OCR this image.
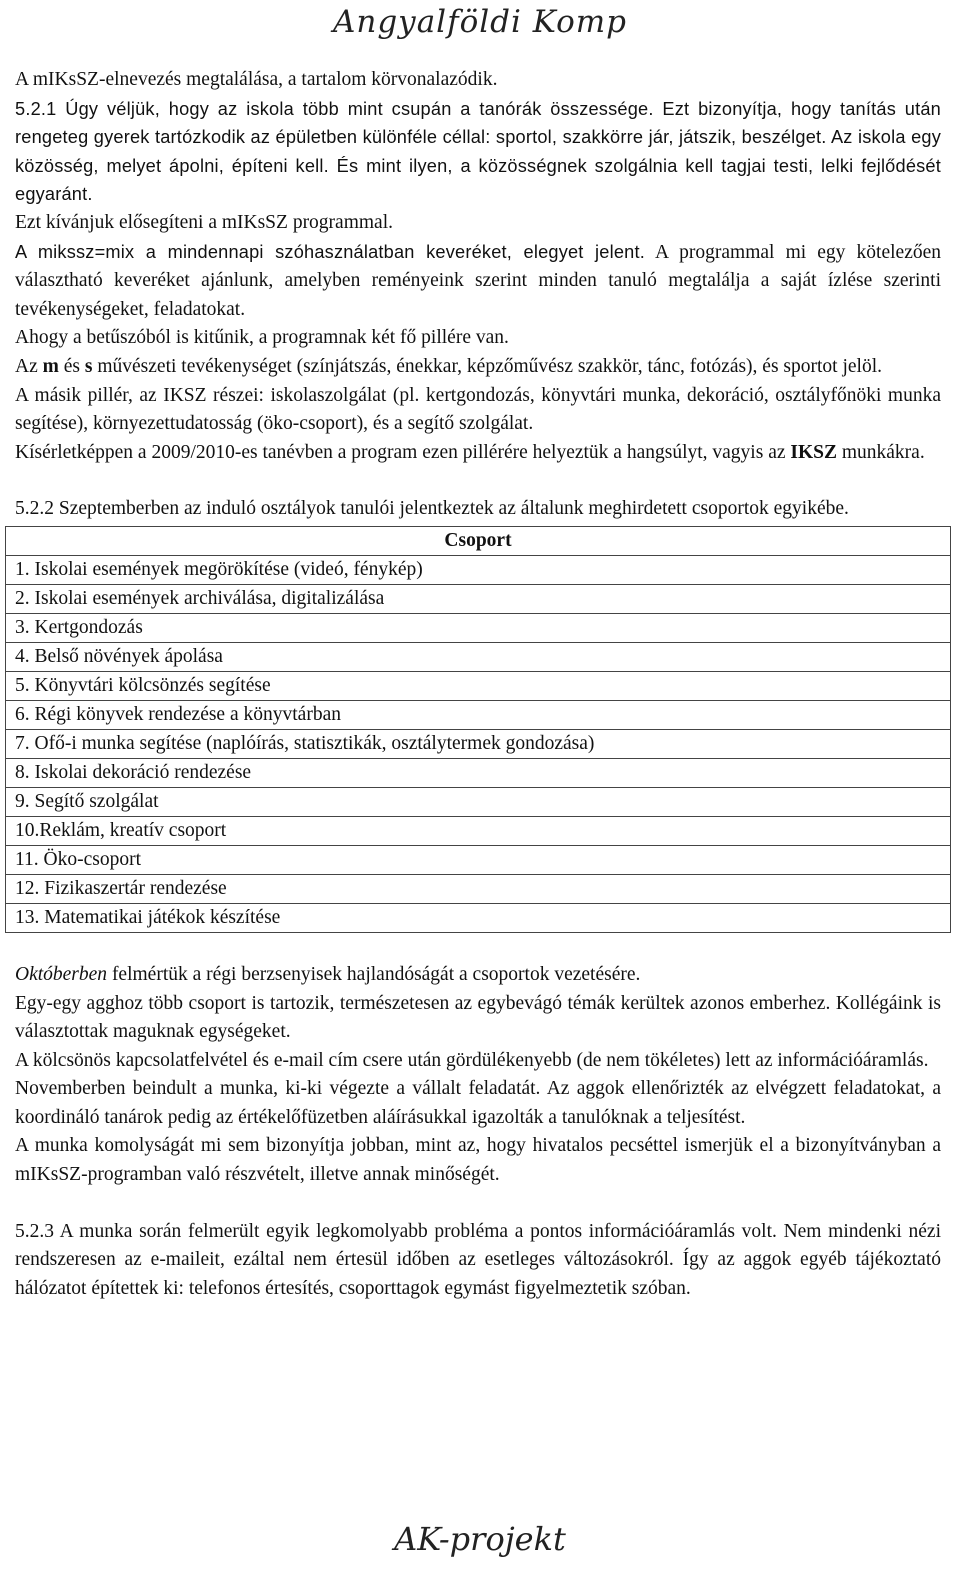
Angyalföldi Komp

A mIKsSZ-elnevezés megtalálása, a tartalom körvonalazódik.

5.2.1 Úgy véljük, hogy az iskola több mint csupán a tanórák összessége. Ezt bizonyítja, hogy tanítás után rengeteg gyerek tartózkodik az épületben különféle céllal: sportol, szakkörre jár, játszik, beszélget. Az iskola egy közösség, melyet ápolni, építeni kell. És mint ilyen, a közösségnek szolgálnia kell tagjai testi, lelki fejlődését egyaránt.

Ezt kívánjuk elősegíteni a mIKsSZ programmal.

A mikssz=mix a mindennapi szóhasználatban keveréket, elegyet jelent. A programmal mi egy kötelezően választható keveréket ajánlunk, amelyben reményeink szerint minden tanuló megtalálja a saját ízlése szerinti tevékenységeket, feladatokat.

Ahogy a betűszóból is kitűnik, a programnak két fő pillére van.

Az m és s művészeti tevékenységet (színjátszás, énekkar, képzőművész szakkör, tánc, fotózás), és sportot jelöl.

A másik pillér, az IKSZ részei: iskolaszolgálat (pl. kertgondozás, könyvtári munka, dekoráció, osztályfőnöki munka segítése), környezettudatosság (öko-csoport), és a segítő szolgálat.

Kísérletképpen a 2009/2010-es tanévben a program ezen pillérére helyeztük a hangsúlyt, vagyis az IKSZ munkákra.

5.2.2 Szeptemberben az induló osztályok tanulói jelentkeztek az általunk meghirdetett csoportok egyikébe.

Csoport
1. Iskolai események megörökítése (videó, fénykép)
2. Iskolai események archiválása, digitalizálása
3. Kertgondozás
4. Belső növények ápolása
5. Könyvtári kölcsönzés segítése
6. Régi könyvek rendezése a könyvtárban
7. Ofő-i munka segítése (naplóírás, statisztikák, osztálytermek gondozása)
8. Iskolai dekoráció rendezése
9. Segítő szolgálat
10.Reklám, kreatív csoport
11. Öko-csoport
12. Fizikaszertár rendezése
13. Matematikai játékok készítése

Októberben felmértük a régi berzsenyisek hajlandóságát a csoportok vezetésére.

Egy-egy agghoz több csoport is tartozik, természetesen az egybevágó témák kerültek azonos emberhez. Kollégáink is választottak maguknak egységeket.

A kölcsönös kapcsolatfelvétel és e-mail cím csere után gördülékenyebb (de nem tökéletes) lett az információáramlás.

Novemberben beindult a munka, ki-ki végezte a vállalt feladatát. Az aggok ellenőrizték az elvégzett feladatokat, a koordináló tanárok pedig az értékelőfüzetben aláírásukkal igazolták a tanulóknak a teljesítést.

A munka komolyságát mi sem bizonyítja jobban, mint az, hogy hivatalos pecséttel ismerjük el a bizonyítványban a mIKsSZ-programban való részvételt, illetve annak minőségét.

5.2.3 A munka során felmerült egyik legkomolyabb probléma a pontos információáramlás volt. Nem mindenki nézi rendszeresen az e-maileit, ezáltal nem értesül időben az esetleges változásokról. Így az aggok egyéb tájékoztató hálózatot építettek ki: telefonos értesítés, csoporttagok egymást figyelmeztetik szóban.

AK-projekt
